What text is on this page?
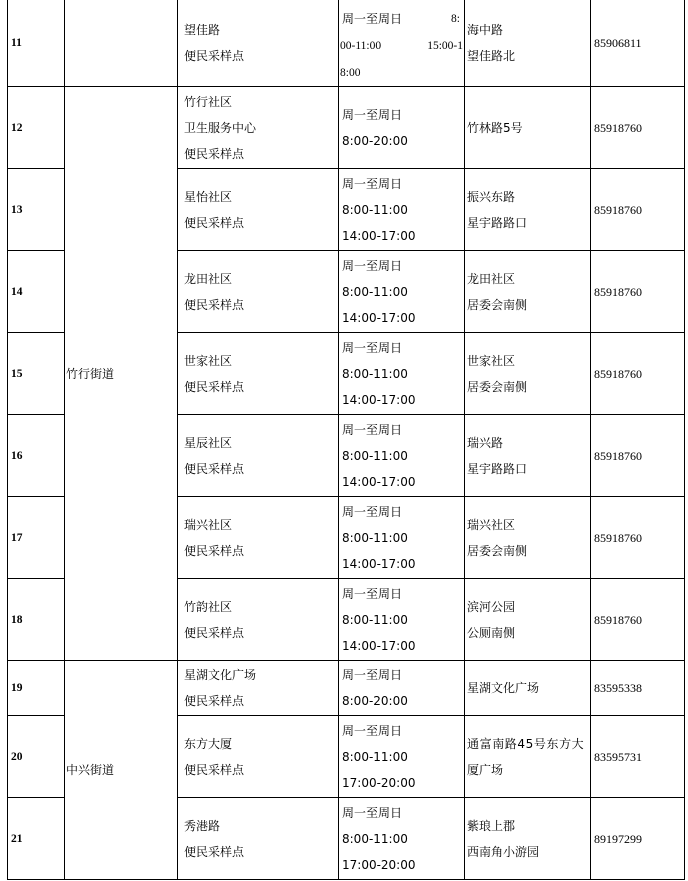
11		望佳路
便民采样点	周一至周日 8:
00-11:00 15:00-1
8:00	海中路
望佳路北	85906811
12	竹行街道	竹行社区
卫生服务中心
便民采样点	周一至周日
8:00-20:00	竹林路5号	85918760
13		星怡社区
便民采样点	周一至周日
8:00-11:00
14:00-17:00	振兴东路
星宇路路口	85918760
14		龙田社区
便民采样点	周一至周日
8:00-11:00
14:00-17:00	龙田社区
居委会南侧	85918760
15		世家社区
便民采样点	周一至周日
8:00-11:00
14:00-17:00	世家社区
居委会南侧	85918760
16		星辰社区
便民采样点	周一至周日
8:00-11:00
14:00-17:00	瑞兴路
星宇路路口	85918760
17		瑞兴社区
便民采样点	周一至周日
8:00-11:00
14:00-17:00	瑞兴社区
居委会南侧	85918760
18		竹韵社区
便民采样点	周一至周日
8:00-11:00
14:00-17:00	滨河公园
公厕南侧	85918760
19	中兴街道	星湖文化广场
便民采样点	周一至周日
8:00-20:00	星湖文化广场	83595338
20		东方大厦
便民采样点	周一至周日
8:00-11:00
17:00-20:00	通富南路45号东方大
厦广场	83595731
21		秀港路
便民采样点	周一至周日
8:00-11:00
17:00-20:00	紫琅上郡
西南角小游园	89197299
